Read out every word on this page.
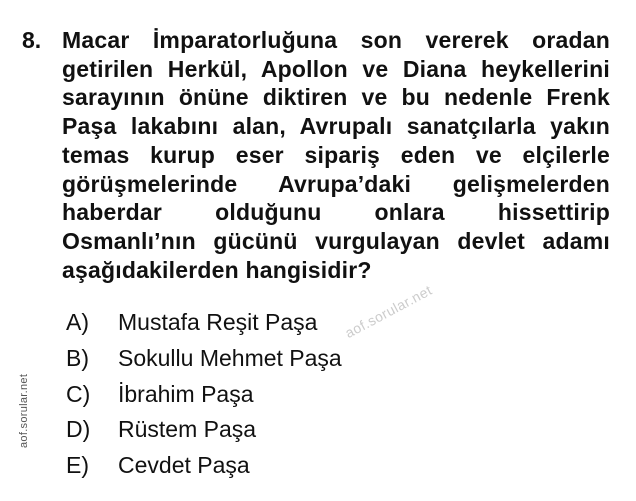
8. Macar İmparatorluğuna son vererek oradan getirilen Herkül, Apollon ve Diana heykellerini sarayının önüne diktiren ve bu nedenle Frenk Paşa lakabını alan, Avrupalı sanatçılarla yakın temas kurup eser sipariş eden ve elçilerle görüşmelerinde Avrupa’daki gelişmelerden haberdar olduğunu onlara hissettirip Osmanlı’nın gücünü vurgulayan devlet adamı aşağıdakilerden hangisidir?
A)	Mustafa Reşit Paşa
B)	Sokullu Mehmet Paşa
C)	İbrahim Paşa
D)	Rüstem Paşa
E)	Cevdet Paşa
aof.sorular.net
aof.sorular.net
